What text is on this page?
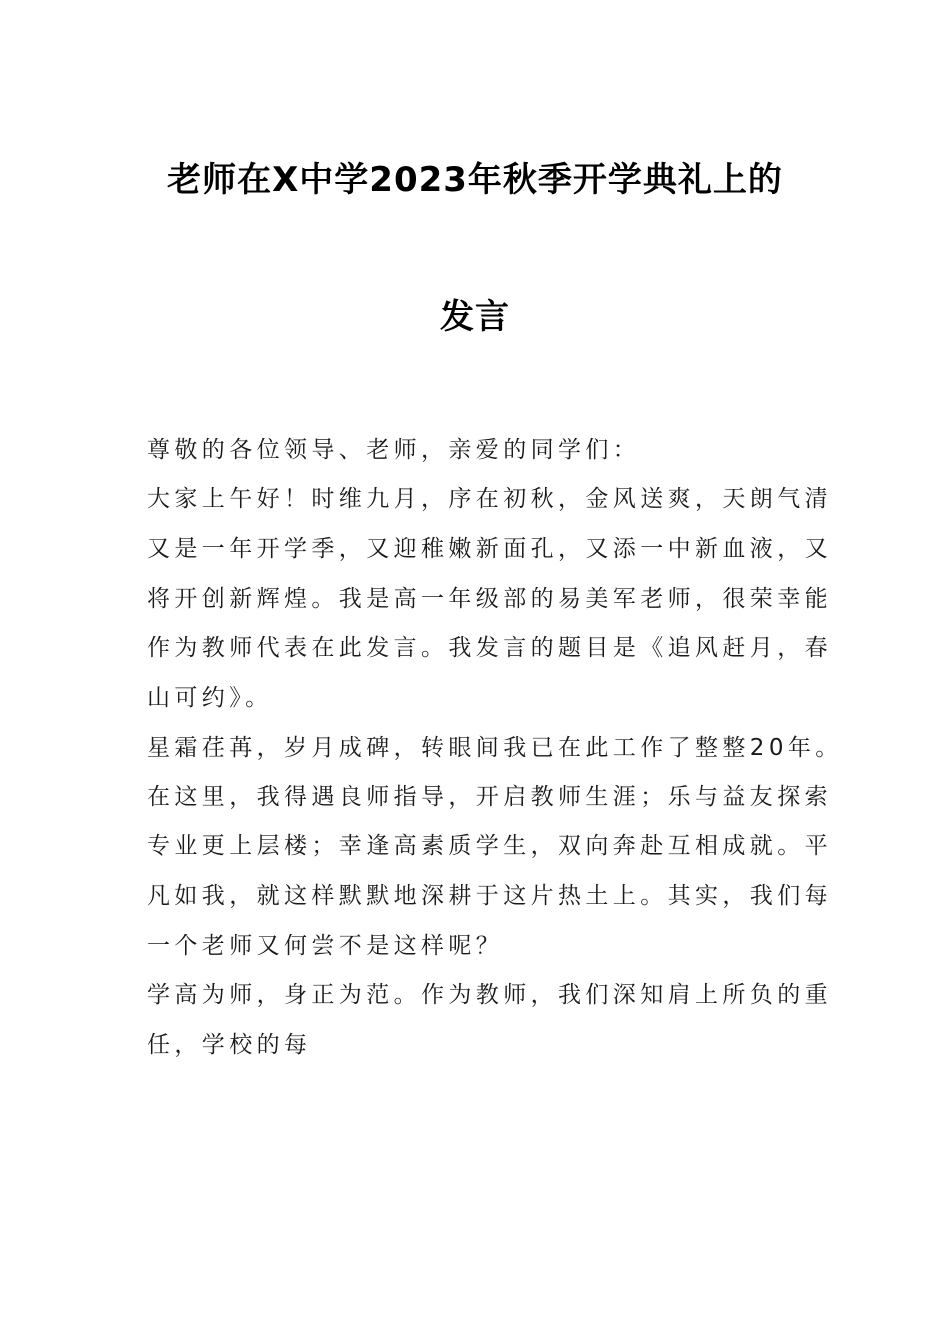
老师在X中学2023年秋季开学典礼上的
发言
尊敬的各位领导、老师，亲爱的同学们：
大家上午好！时维九月，序在初秋，金风送爽，天朗气清
又是一年开学季，又迎稚嫩新面孔，又添一中新血液，又
将开创新辉煌。我是高一年级部的易美军老师，很荣幸能
作为教师代表在此发言。我发言的题目是《追风赶月，春
山可约》。
星霜荏苒，岁月成碑，转眼间我已在此工作了整整20年。
在这里，我得遇良师指导，开启教师生涯；乐与益友探索
专业更上层楼；幸逢高素质学生，双向奔赴互相成就。平
凡如我，就这样默默地深耕于这片热土上。其实，我们每
一个老师又何尝不是这样呢？
学高为师，身正为范。作为教师，我们深知肩上所负的重
任，学校的每
